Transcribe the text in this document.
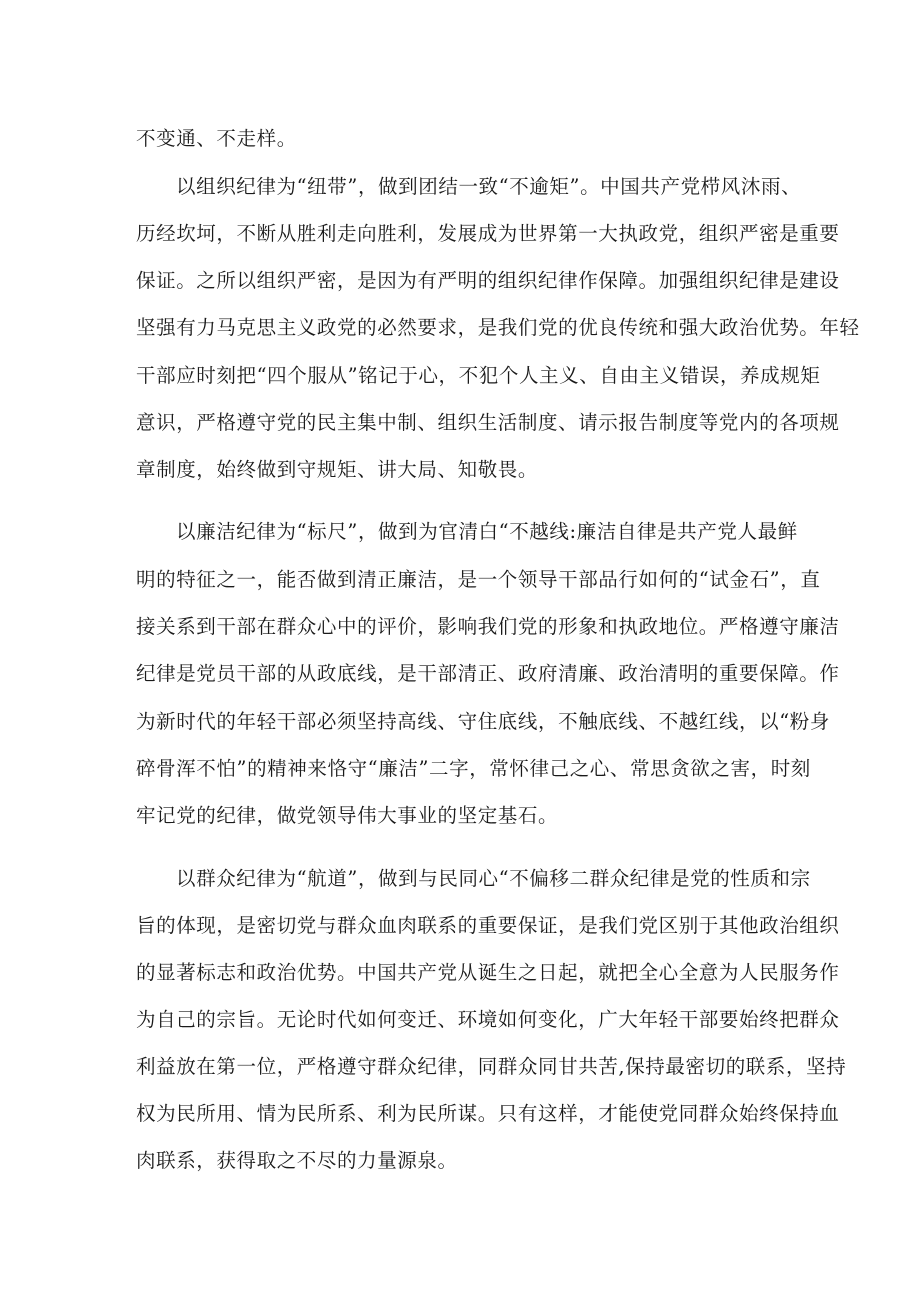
不变通、不走样。

以组织纪律为“纽带”，做到团结一致“不逾矩”。中国共产党栉风沐雨、

历经坎坷，不断从胜利走向胜利，发展成为世界第一大执政党，组织严密是重要

保证。之所以组织严密，是因为有严明的组织纪律作保障。加强组织纪律是建设

坚强有力马克思主义政党的必然要求，是我们党的优良传统和强大政治优势。年轻

干部应时刻把“四个服从”铭记于心，不犯个人主义、自由主义错误，养成规矩

意识，严格遵守党的民主集中制、组织生活制度、请示报告制度等党内的各项规

章制度，始终做到守规矩、讲大局、知敬畏。

以廉洁纪律为“标尺”，做到为官清白“不越线:廉洁自律是共产党人最鲜

明的特征之一，能否做到清正廉洁，是一个领导干部品行如何的“试金石”，直

接关系到干部在群众心中的评价，影响我们党的形象和执政地位。严格遵守廉洁

纪律是党员干部的从政底线，是干部清正、政府清廉、政治清明的重要保障。作

为新时代的年轻干部必须坚持高线、守住底线，不触底线、不越红线，以“粉身

碎骨浑不怕”的精神来恪守“廉洁”二字，常怀律己之心、常思贪欲之害，时刻

牢记党的纪律，做党领导伟大事业的坚定基石。

以群众纪律为“航道”，做到与民同心“不偏移二群众纪律是党的性质和宗

旨的体现，是密切党与群众血肉联系的重要保证，是我们党区别于其他政治组织

的显著标志和政治优势。中国共产党从诞生之日起，就把全心全意为人民服务作

为自己的宗旨。无论时代如何变迁、环境如何变化，广大年轻干部要始终把群众

利益放在第一位，严格遵守群众纪律，同群众同甘共苦,保持最密切的联系，坚持

权为民所用、情为民所系、利为民所谋。只有这样，才能使党同群众始终保持血

肉联系，获得取之不尽的力量源泉。
